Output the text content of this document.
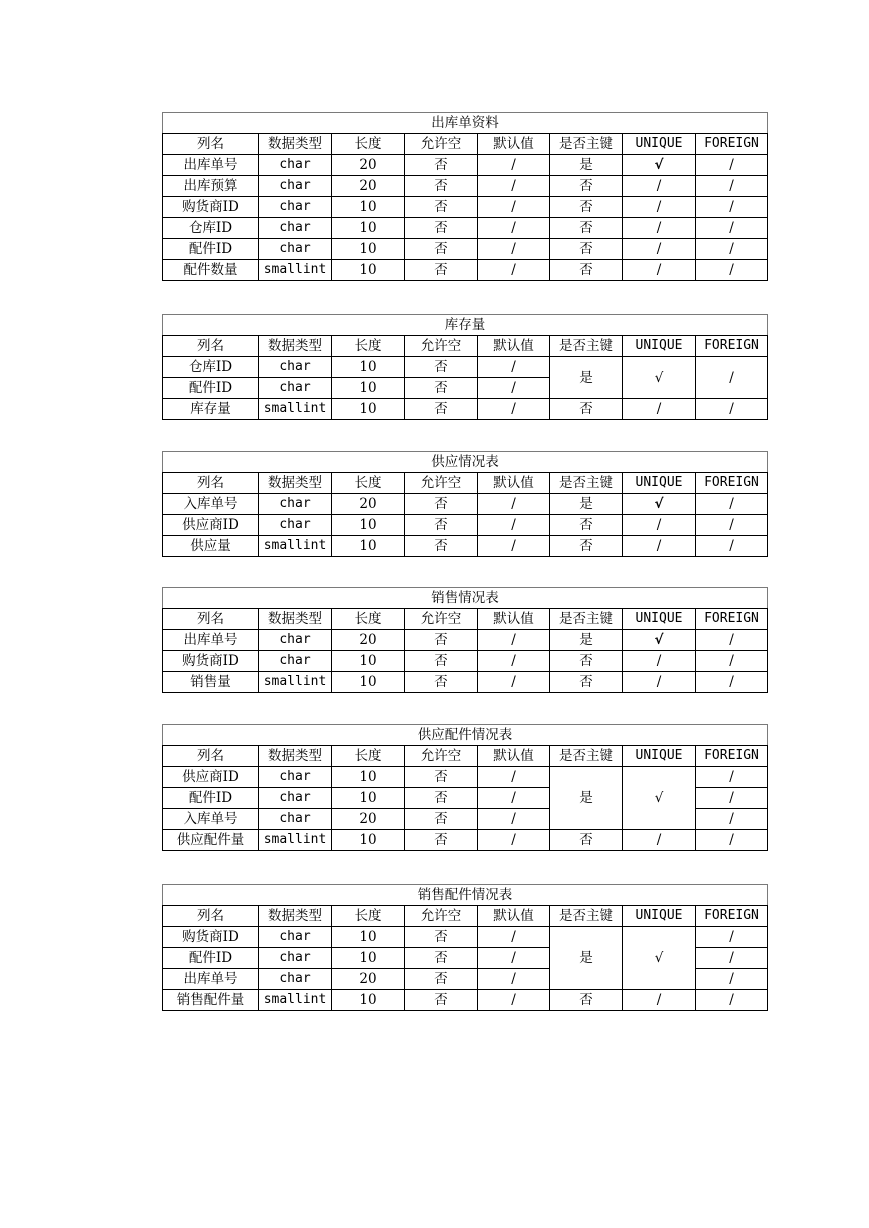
出库单资料							
列名	数据类型	长度	允许空	默认值	是否主键	UNIQUE	FOREIGN
出库单号	char	20	否	/	是	√	/
出库预算	char	20	否	/	否	/	/
购货商ID	char	10	否	/	否	/	/
仓库ID	char	10	否	/	否	/	/
配件ID	char	10	否	/	否	/	/
配件数量	smallint	10	否	/	否	/	/
库存量							
列名	数据类型	长度	允许空	默认值	是否主键	UNIQUE	FOREIGN
仓库ID	char	10	否	/	是	√	/
配件ID	char	10	否	/			
库存量	smallint	10	否	/	否	/	/
供应情况表							
列名	数据类型	长度	允许空	默认值	是否主键	UNIQUE	FOREIGN
入库单号	char	20	否	/	是	√	/
供应商ID	char	10	否	/	否	/	/
供应量	smallint	10	否	/	否	/	/
销售情况表							
列名	数据类型	长度	允许空	默认值	是否主键	UNIQUE	FOREIGN
出库单号	char	20	否	/	是	√	/
购货商ID	char	10	否	/	否	/	/
销售量	smallint	10	否	/	否	/	/
供应配件情况表							
列名	数据类型	长度	允许空	默认值	是否主键	UNIQUE	FOREIGN
供应商ID	char	10	否	/	是	√	/
配件ID	char	10	否	/			/
入库单号	char	20	否	/			/
供应配件量	smallint	10	否	/	否	/	/
销售配件情况表							
列名	数据类型	长度	允许空	默认值	是否主键	UNIQUE	FOREIGN
购货商ID	char	10	否	/	是	√	/
配件ID	char	10	否	/			/
出库单号	char	20	否	/			/
销售配件量	smallint	10	否	/	否	/	/
